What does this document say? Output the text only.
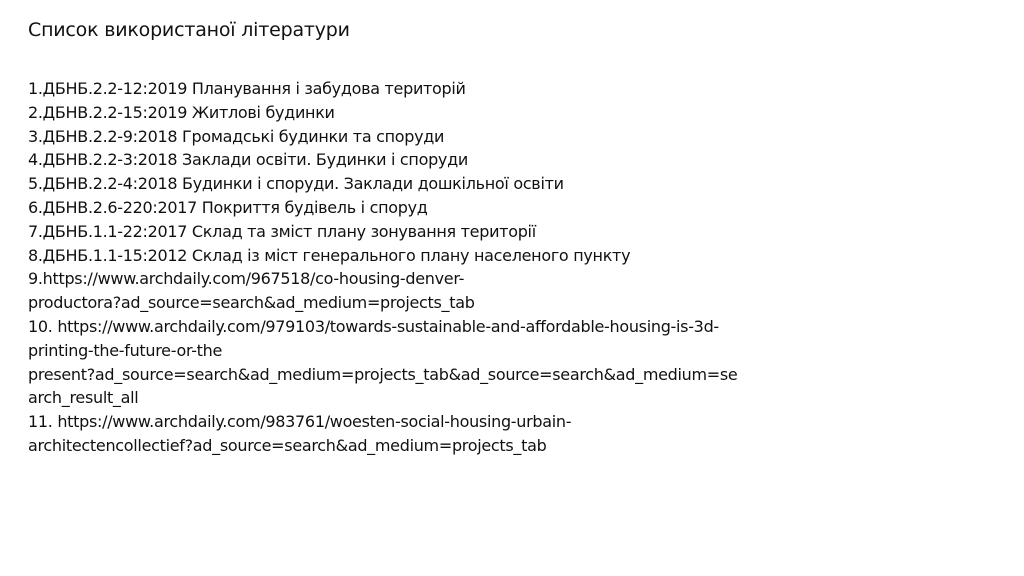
Список використаної літератури
1.ДБНБ.2.2-12:2019 Планування і забудова територій
2.ДБНВ.2.2-15:2019 Житлові будинки
3.ДБНВ.2.2-9:2018 Громадські будинки та споруди
4.ДБНВ.2.2-3:2018 Заклади освіти. Будинки і споруди
5.ДБНВ.2.2-4:2018 Будинки і споруди. Заклади дошкільної освіти
6.ДБНВ.2.6-220:2017 Покриття будівель і споруд
7.ДБНБ.1.1-22:2017 Склад та зміст плану зонування території
8.ДБНБ.1.1-15:2012 Склад із міст генерального плану населеного пункту
9.https://www.archdaily.com/967518/co-housing-denver-
productora?ad_source=search&ad_medium=projects_tab
10. https://www.archdaily.com/979103/towards-sustainable-and-affordable-housing-is-3d-
printing-the-future-or-the
present?ad_source=search&ad_medium=projects_tab&ad_source=search&ad_medium=se
arch_result_all
11. https://www.archdaily.com/983761/woesten-social-housing-urbain-
architectencollectief?ad_source=search&ad_medium=projects_tab
